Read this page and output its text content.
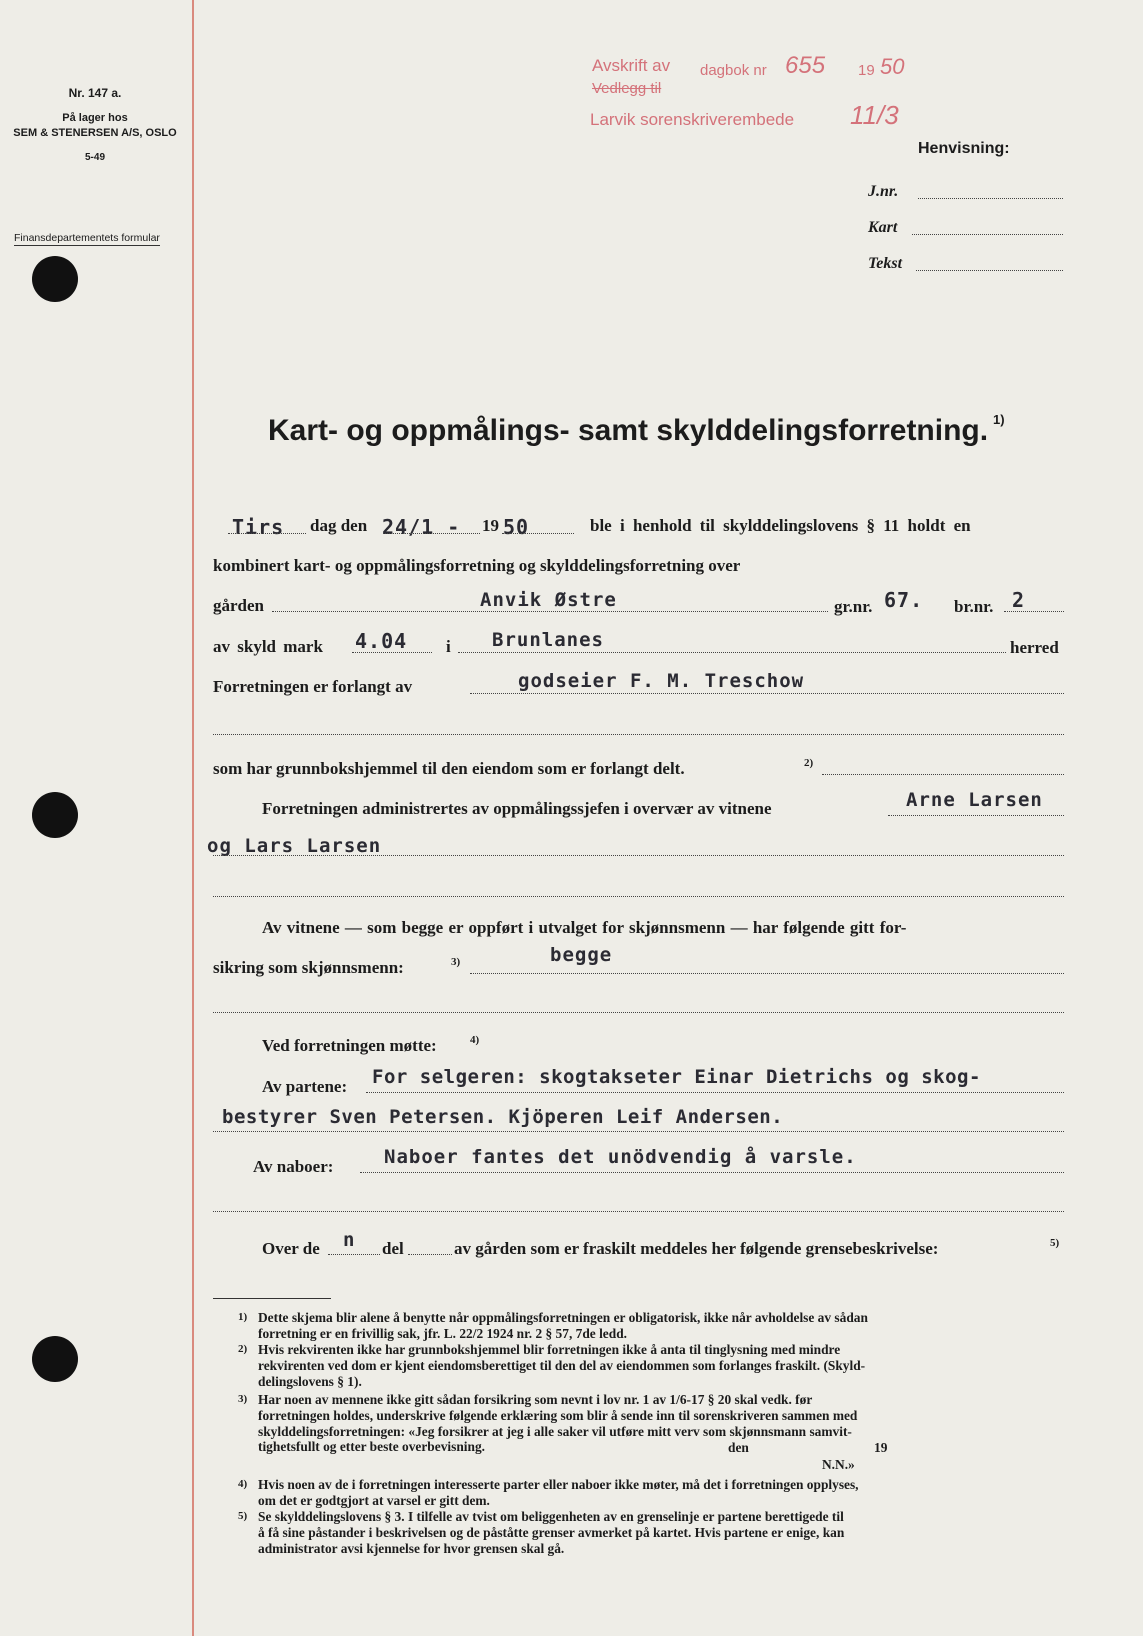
Nr. 147 a.
På lager hos
SEM & STENERSEN A/S, OSLO
5-49
Finansdepartementets formular
Avskrift av dagbok nr 655 19 50
Vedlegg til
Larvik sorenskriverembede 11/3
Henvisning:
J.nr.
Kart
Tekst
Kart- og oppmålings- samt skylddelingsforretning. 1)
Tirs dag den 24/1 - 19 50	ble i henhold til skylddelingslovens § 11 holdt en
kombinert kart- og oppmålingsforretning og skylddelingsforretning over
gården	Anvik Østre	gr.nr. 67. br.nr. 2
av skyld mark 4.04 i Brunlanes	herred
Forretningen er forlangt av	godseier F. M. Treschow
som har grunnbokshjemmel til den eiendom som er forlangt delt.	2)
Forretningen administrertes av oppmålingssjefen i overvær av vitnene	Arne Larsen
og Lars Larsen
Av vitnene — som begge er oppført i utvalget for skjønnsmenn — har følgende gitt for-
sikring som skjønnsmenn:	3)	begge
Ved forretningen møtte:	4)
Av partene: For selgeren: skogtakseter Einar Dietrichs og skog-
bestyrer Sven Petersen. Kjöperen Leif Andersen.
Av naboer:	Naboer fantes det unödvendig å varsle.
Over de n del	av gården som er fraskilt meddeles her følgende grensebeskrivelse:	5)
1) Dette skjema blir alene å benytte når oppmålingsforretningen er obligatorisk, ikke når avholdelse av sådan
forretning er en frivillig sak, jfr. L. 22/2 1924 nr. 2 § 57, 7de ledd.
2) Hvis rekvirenten ikke har grunnbokshjemmel blir forretningen ikke å anta til tinglysning med mindre
rekvirenten ved dom er kjent eiendomsberettiget til den del av eiendommen som forlanges fraskilt. (Skyld-
delingslovens § 1).
3) Har noen av mennene ikke gitt sådan forsikring som nevnt i lov nr. 1 av 1/6-17 § 20 skal vedk. før
forretningen holdes, underskrive følgende erklæring som blir å sende inn til sorenskriveren sammen med
skylddelingsforretningen: «Jeg forsikrer at jeg i alle saker vil utføre mitt verv som skjønnsmann samvit-
tighetsfullt og etter beste overbevisning.	den	19
N.N.»
4) Hvis noen av de i forretningen interesserte parter eller naboer ikke møter, må det i forretningen opplyses,
om det er godtgjort at varsel er gitt dem.
5) Se skylddelingslovens § 3. I tilfelle av tvist om beliggenheten av en grenselinje er partene berettigede til
å få sine påstander i beskrivelsen og de påståtte grenser avmerket på kartet. Hvis partene er enige, kan
administrator avsi kjennelse for hvor grensen skal gå.
